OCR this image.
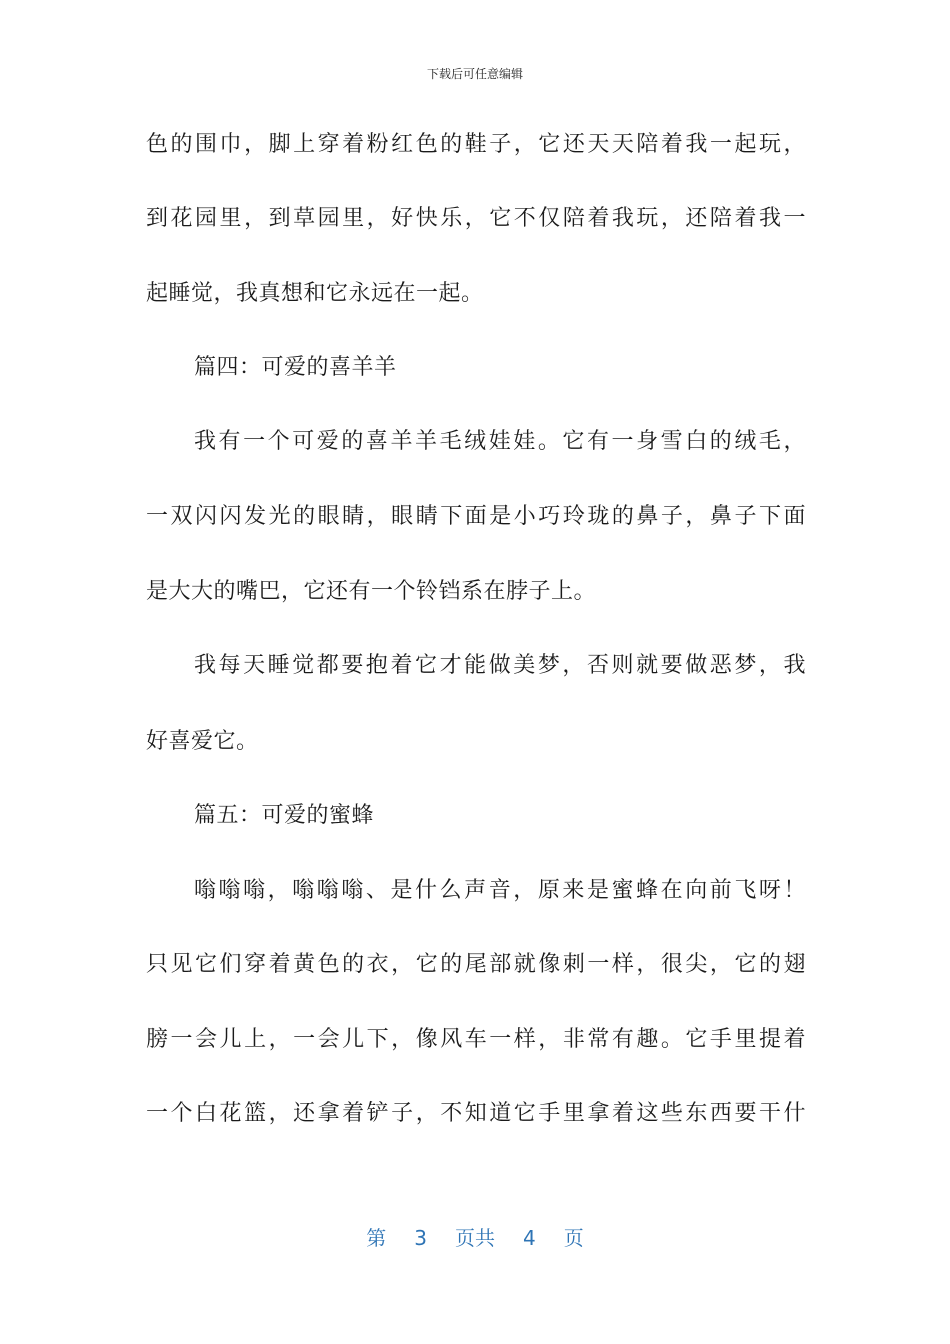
下载后可任意编辑
色的围巾，脚上穿着粉红色的鞋子，它还天天陪着我一起玩，
到花园里，到草园里，好快乐，它不仅陪着我玩，还陪着我一
起睡觉，我真想和它永远在一起。
篇四：可爱的喜羊羊
我有一个可爱的喜羊羊毛绒娃娃。它有一身雪白的绒毛，
一双闪闪发光的眼睛，眼睛下面是小巧玲珑的鼻子，鼻子下面
是大大的嘴巴，它还有一个铃铛系在脖子上。
我每天睡觉都要抱着它才能做美梦，否则就要做恶梦，我
好喜爱它。
篇五：可爱的蜜蜂
嗡嗡嗡，嗡嗡嗡、是什么声音，原来是蜜蜂在向前飞呀！
只见它们穿着黄色的衣，它的尾部就像刺一样，很尖，它的翅
膀一会儿上，一会儿下，像风车一样，非常有趣。它手里提着
一个白花篮，还拿着铲子，不知道它手里拿着这些东西要干什
第 3 页共 4 页
